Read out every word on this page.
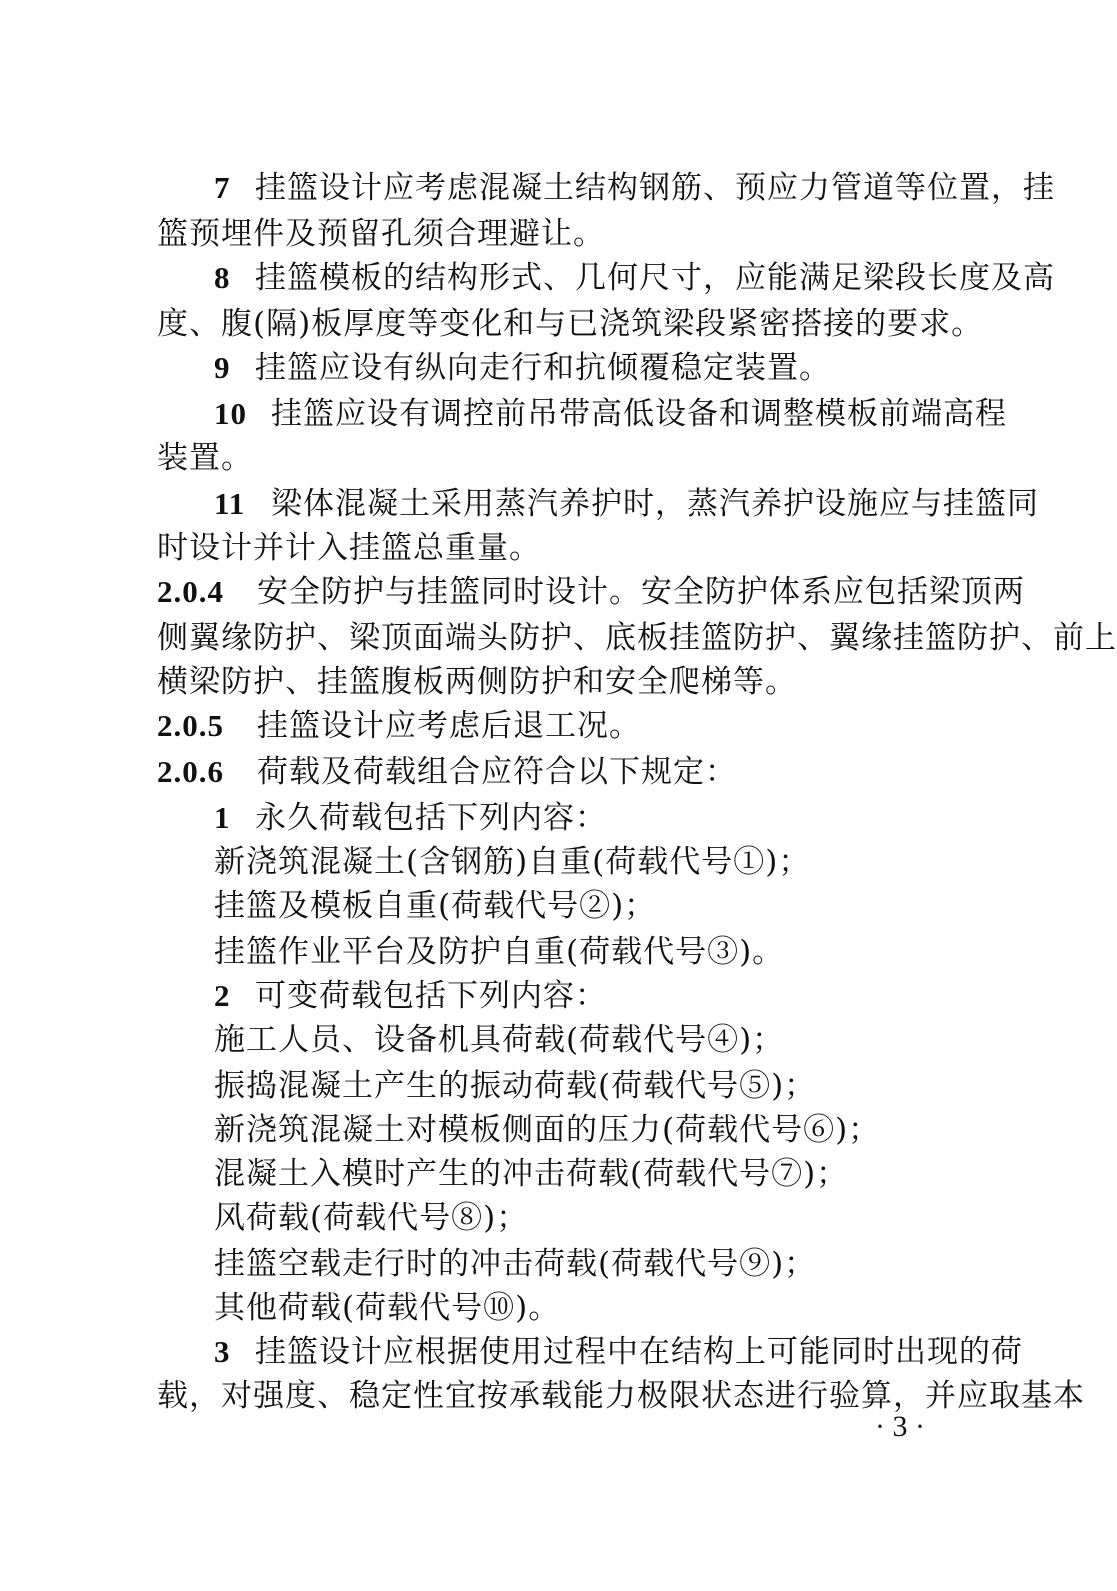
7 挂篮设计应考虑混凝土结构钢筋、预应力管道等位置，挂
篮预埋件及预留孔须合理避让。
8 挂篮模板的结构形式、几何尺寸，应能满足梁段长度及高
度、腹(隔)板厚度等变化和与已浇筑梁段紧密搭接的要求。
9 挂篮应设有纵向走行和抗倾覆稳定装置。
10 挂篮应设有调控前吊带高低设备和调整模板前端高程
装置。
11 梁体混凝土采用蒸汽养护时，蒸汽养护设施应与挂篮同
时设计并计入挂篮总重量。
2.0.4 安全防护与挂篮同时设计。安全防护体系应包括梁顶两
侧翼缘防护、梁顶面端头防护、底板挂篮防护、翼缘挂篮防护、前上
横梁防护、挂篮腹板两侧防护和安全爬梯等。
2.0.5 挂篮设计应考虑后退工况。
2.0.6 荷载及荷载组合应符合以下规定：
1 永久荷载包括下列内容：
新浇筑混凝土(含钢筋)自重(荷载代号①)；
挂篮及模板自重(荷载代号②)；
挂篮作业平台及防护自重(荷载代号③)。
2 可变荷载包括下列内容：
施工人员、设备机具荷载(荷载代号④)；
振捣混凝土产生的振动荷载(荷载代号⑤)；
新浇筑混凝土对模板侧面的压力(荷载代号⑥)；
混凝土入模时产生的冲击荷载(荷载代号⑦)；
风荷载(荷载代号⑧)；
挂篮空载走行时的冲击荷载(荷载代号⑨)；
其他荷载(荷载代号⑩)。
3 挂篮设计应根据使用过程中在结构上可能同时出现的荷
载，对强度、稳定性宜按承载能力极限状态进行验算，并应取基本
· 3 ·
